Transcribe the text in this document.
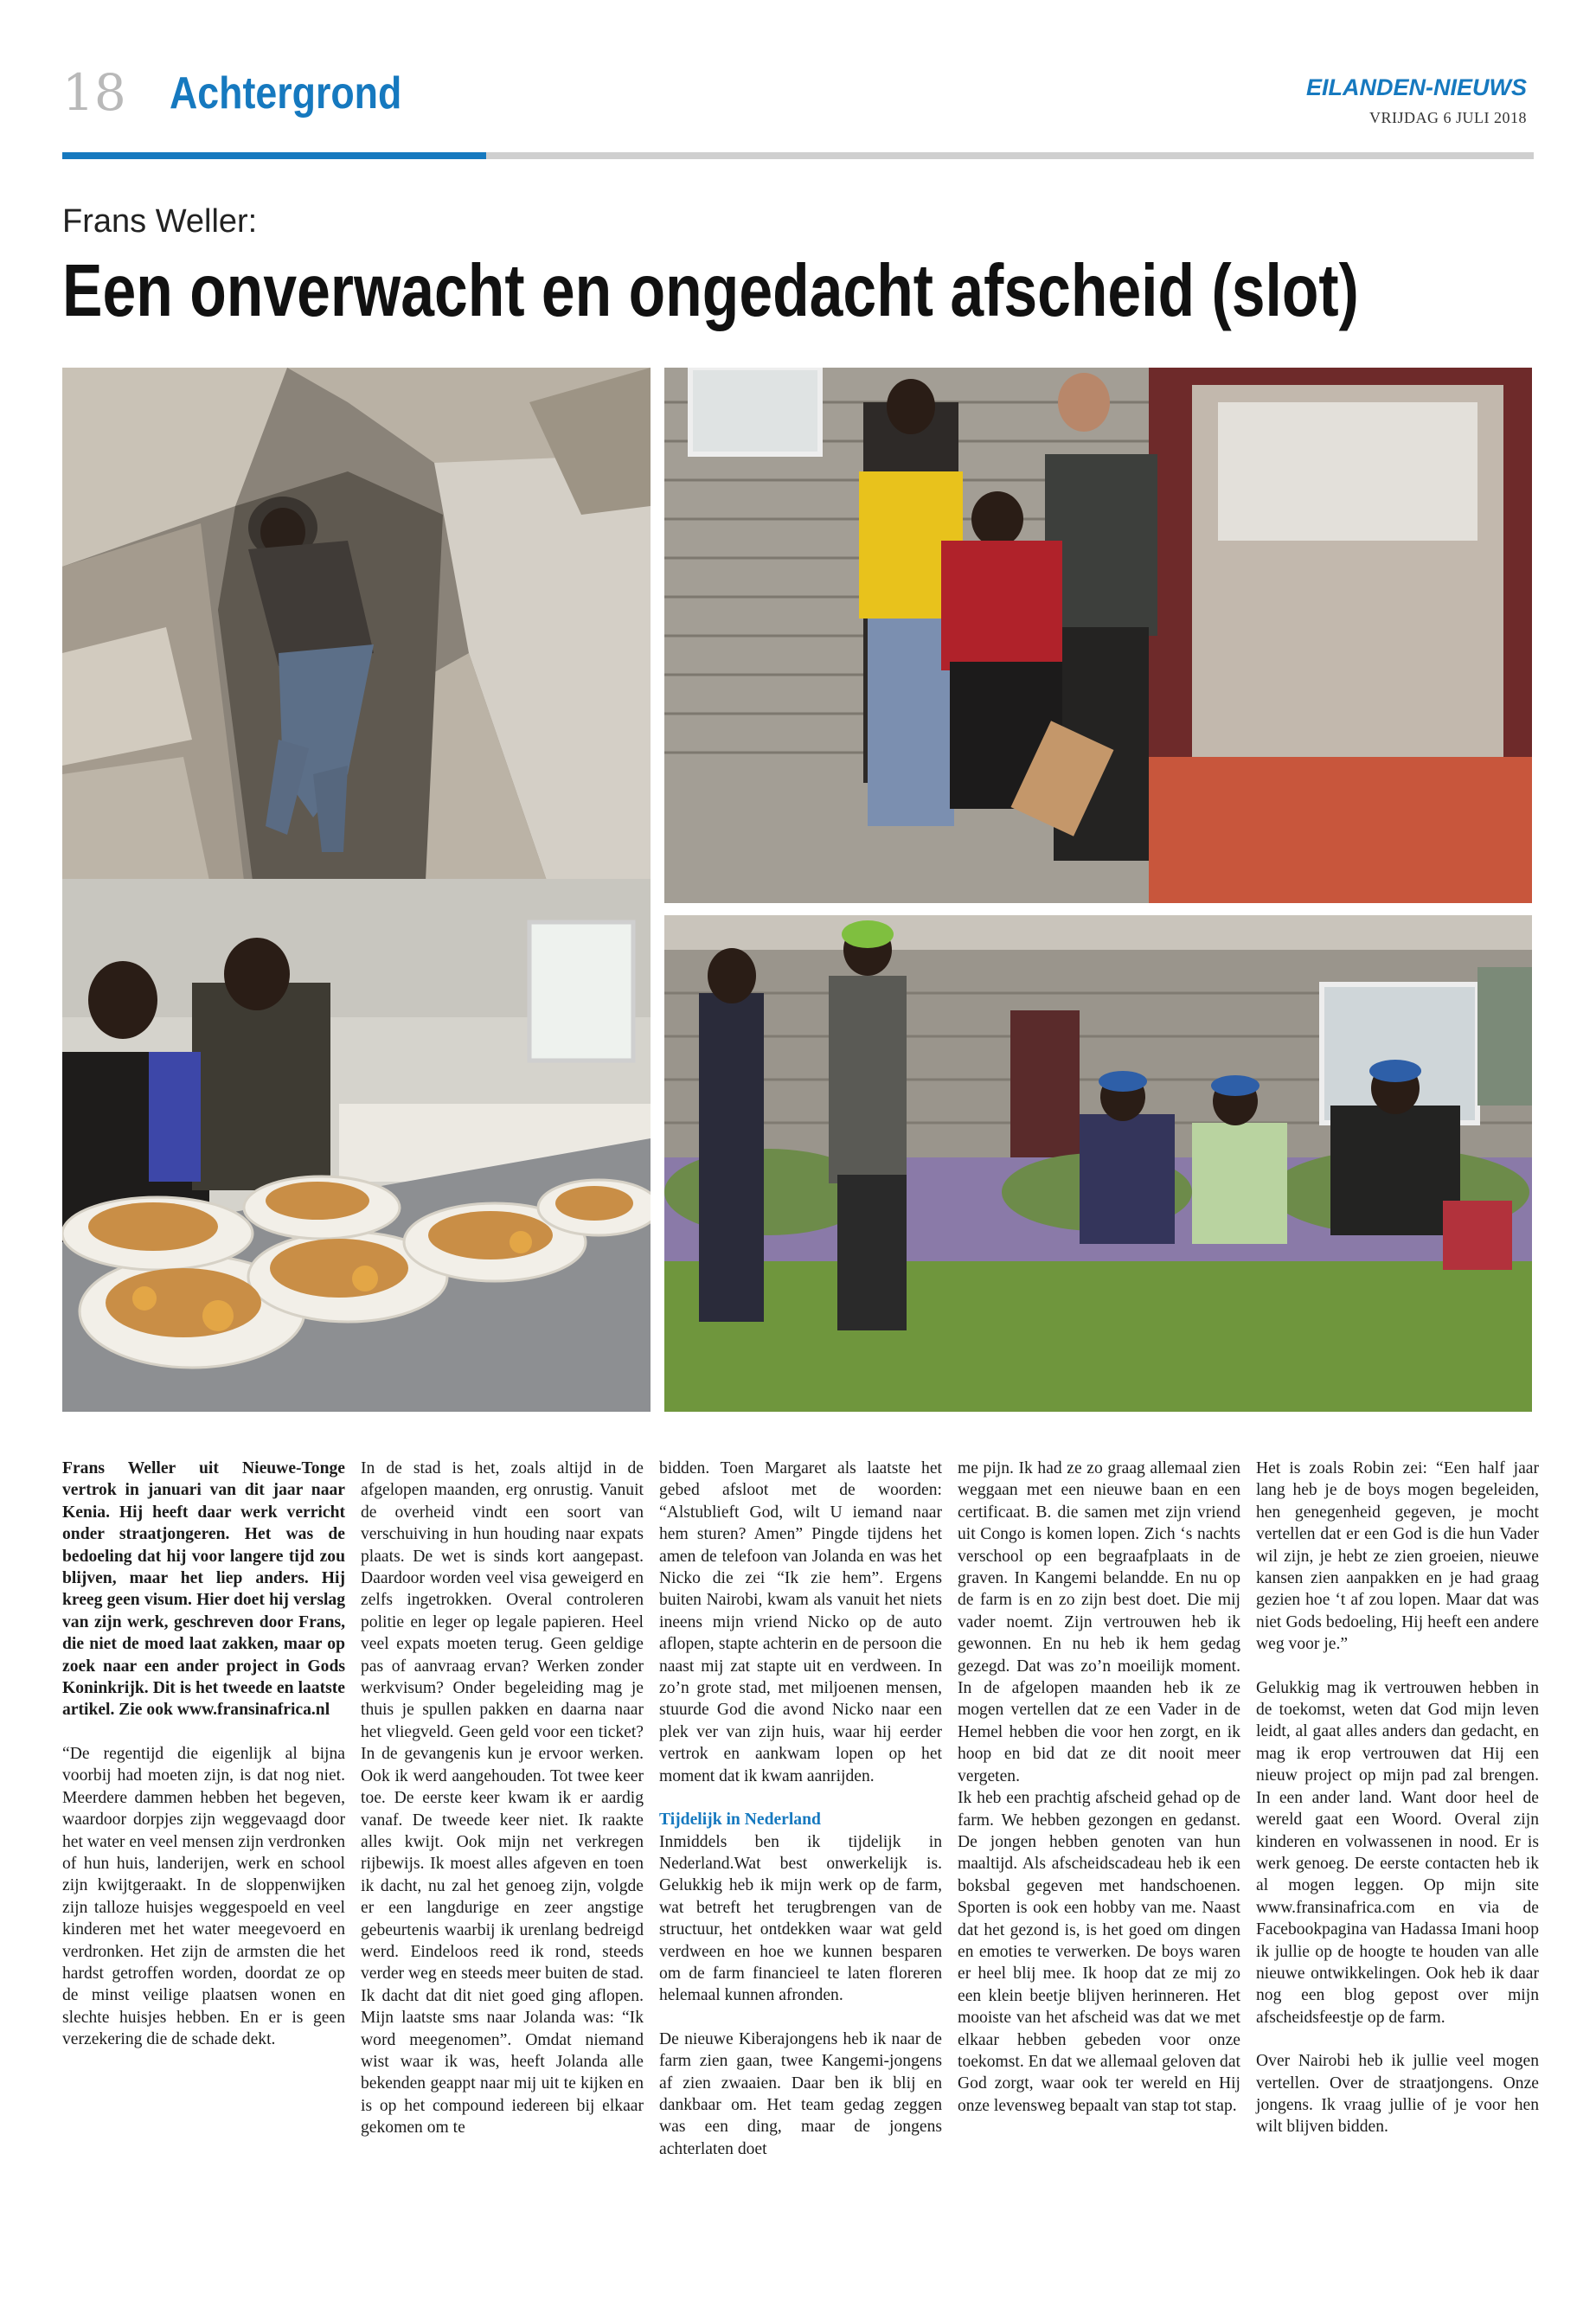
18 Achtergrond	EILANDEN-NIEUWS
VRIJDAG 6 JULI 2018
Frans Weller:
Een onverwacht en ongedacht afscheid (slot)

Frans Weller uit Nieuwe-Tonge vertrok in januari van dit jaar naar Kenia. Hij heeft daar werk verricht onder straatjongeren. Het was de bedoeling dat hij voor langere tijd zou blijven, maar het liep anders. Hij kreeg geen visum. Hier doet hij verslag van zijn werk, geschreven door Frans, die niet de moed laat zakken, maar op zoek naar een ander project in Gods Koninkrijk. Dit is het tweede en laatste artikel. Zie ook www.fransinafrica.nl

“De regentijd die eigenlijk al bijna voorbij had moeten zijn, is dat nog niet. Meerdere dammen hebben het begeven, waardoor dorpjes zijn weggevaagd door het water en veel mensen zijn verdronken of hun huis, landerijen, werk en school zijn kwijtgeraakt. In de sloppenwijken zijn talloze huisjes weggespoeld en veel kinderen met het water meegevoerd en verdronken. Het zijn de armsten die het hardst getroffen worden, doordat ze op de minst veilige plaatsen wonen en slechte huisjes hebben. En er is geen verzekering die de schade dekt.

In de stad is het, zoals altijd in de afgelopen maanden, erg onrustig. Vanuit de overheid vindt een soort van verschuiving in hun houding naar expats plaats. De wet is sinds kort aangepast. Daardoor worden veel visa geweigerd en zelfs ingetrokken. Overal controleren politie en leger op legale papieren. Heel veel expats moeten terug. Geen geldige pas of aanvraag ervan? Werken zonder werkvisum? Onder begeleiding mag je thuis je spullen pakken en daarna naar het vliegveld. Geen geld voor een ticket? In de gevangenis kun je ervoor werken. Ook ik werd aangehouden. Tot twee keer toe. De eerste keer kwam ik er aardig vanaf. De tweede keer niet. Ik raakte alles kwijt. Ook mijn net verkregen rijbewijs. Ik moest alles afgeven en toen ik dacht, nu zal het genoeg zijn, volgde er een langdurige en zeer angstige gebeurtenis waarbij ik urenlang bedreigd werd. Eindeloos reed ik rond, steeds verder weg en steeds meer buiten de stad. Ik dacht dat dit niet goed ging aflopen. Mijn laatste sms naar Jolanda was: “Ik word meegenomen”. Omdat niemand wist waar ik was, heeft Jolanda alle bekenden geappt naar mij uit te kijken en is op het compound iedereen bij elkaar gekomen om te

bidden. Toen Margaret als laatste het gebed afsloot met de woorden: “Alstublieft God, wilt U iemand naar hem sturen? Amen” Pingde tijdens het amen de telefoon van Jolanda en was het Nicko die zei “Ik zie hem”. Ergens buiten Nairobi, kwam als vanuit het niets ineens mijn vriend Nicko op de auto aflopen, stapte achterin en de persoon die naast mij zat stapte uit en verdween. In zo’n grote stad, met miljoenen mensen, stuurde God die avond Nicko naar een plek ver van zijn huis, waar hij eerder vertrok en aankwam lopen op het moment dat ik kwam aanrijden.

Tijdelijk in Nederland

Inmiddels ben ik tijdelijk in Nederland.Wat best onwerkelijk is. Gelukkig heb ik mijn werk op de farm, wat betreft het terugbrengen van de structuur, het ontdekken waar wat geld verdween en hoe we kunnen besparen om de farm financieel te laten floreren helemaal kunnen afronden.

De nieuwe Kiberajongens heb ik naar de farm zien gaan, twee Kangemi-jongens af zien zwaaien. Daar ben ik blij en dankbaar om. Het team gedag zeggen was een ding, maar de jongens achterlaten doet

me pijn. Ik had ze zo graag allemaal zien weggaan met een nieuwe baan en een certificaat. B. die samen met zijn vriend uit Congo is komen lopen. Zich ‘s nachts verschool op een begraafplaats in de graven. In Kangemi belandde. En nu op de farm is en zo zijn best doet. Die mij vader noemt. Zijn vertrouwen heb ik gewonnen. En nu heb ik hem gedag gezegd. Dat was zo’n moeilijk moment. In de afgelopen maanden heb ik ze mogen vertellen dat ze een Vader in de Hemel hebben die voor hen zorgt, en ik hoop en bid dat ze dit nooit meer vergeten.

Ik heb een prachtig afscheid gehad op de farm. We hebben gezongen en gedanst. De jongen hebben genoten van hun maaltijd. Als afscheidscadeau heb ik een boksbal gegeven met handschoenen. Sporten is ook een hobby van me. Naast dat het gezond is, is het goed om dingen en emoties te verwerken. De boys waren er heel blij mee. Ik hoop dat ze mij zo een klein beetje blijven herinneren. Het mooiste van het afscheid was dat we met elkaar hebben gebeden voor onze toekomst. En dat we allemaal geloven dat God zorgt, waar ook ter wereld en Hij onze levensweg bepaalt van stap tot stap.

Het is zoals Robin zei: “Een half jaar lang heb je de boys mogen begeleiden, hen genegenheid gegeven, je mocht vertellen dat er een God is die hun Vader wil zijn, je hebt ze zien groeien, nieuwe kansen zien aanpakken en je had graag gezien hoe ‘t af zou lopen. Maar dat was niet Gods bedoeling, Hij heeft een andere weg voor je.”

Gelukkig mag ik vertrouwen hebben in de toekomst, weten dat God mijn leven leidt, al gaat alles anders dan gedacht, en mag ik erop vertrouwen dat Hij een nieuw project op mijn pad zal brengen. In een ander land. Want door heel de wereld gaat een Woord. Overal zijn kinderen en volwassenen in nood. Er is werk genoeg. De eerste contacten heb ik al mogen leggen. Op mijn site www.fransinafrica.com en via de Facebookpagina van Hadassa Imani hoop ik jullie op de hoogte te houden van alle nieuwe ontwikkelingen. Ook heb ik daar nog een blog gepost over mijn afscheidsfeestje op de farm.

Over Nairobi heb ik jullie veel mogen vertellen. Over de straatjongens. Onze jongens. Ik vraag jullie of je voor hen wilt blijven bidden.
